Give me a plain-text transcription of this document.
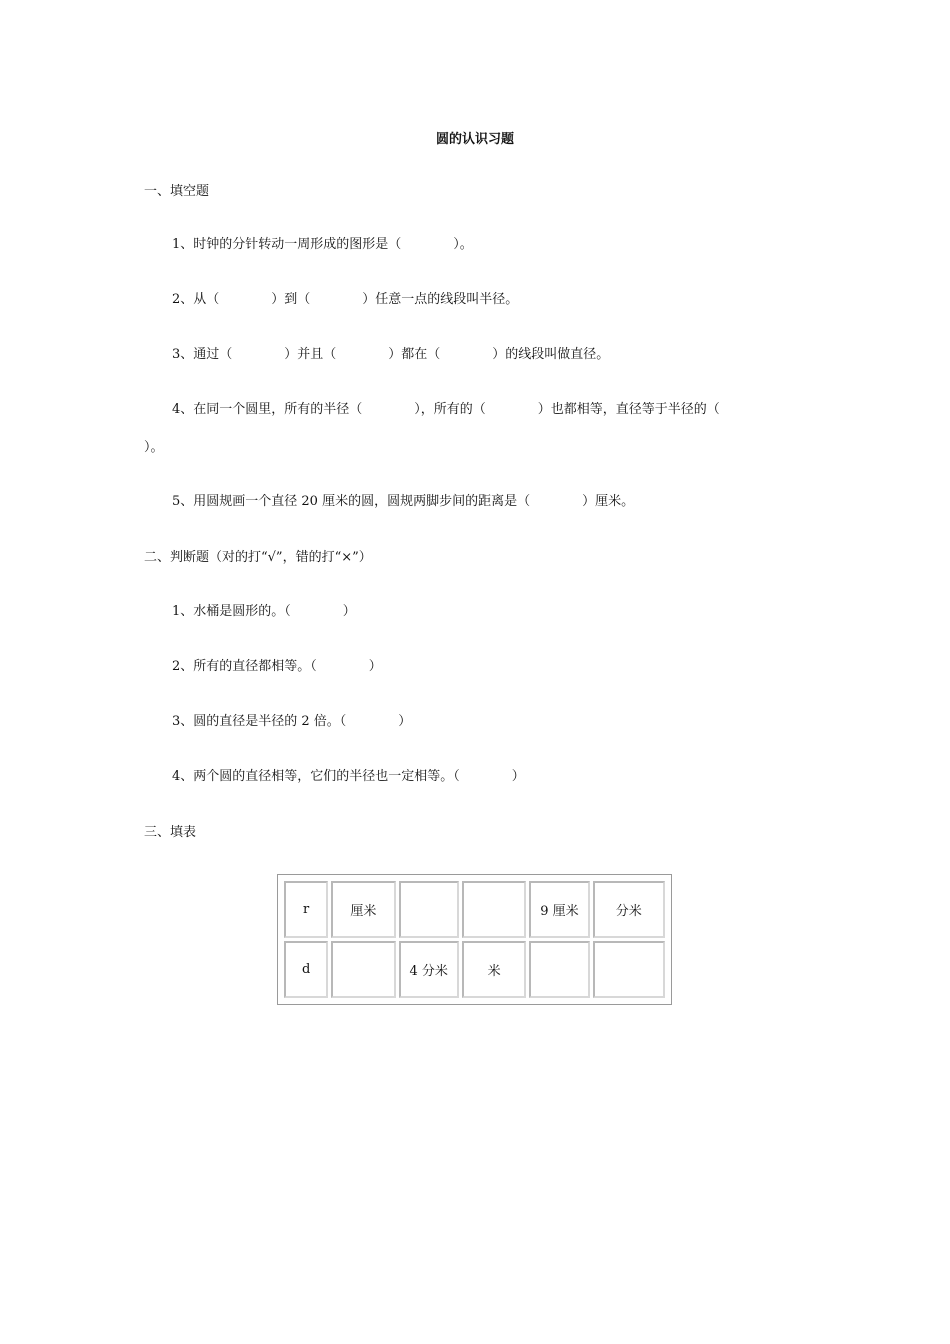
圆的认识习题
一、填空题
1、时钟的分针转动一周形成的图形是（　　　　）。
2、从（　　　　）到（　　　　）任意一点的线段叫半径。
3、通过（　　　　）并且（　　　　）都在（　　　　）的线段叫做直径。
4、在同一个圆里，所有的半径（　　　　），所有的（　　　　）也都相等，直径等于半径的（
）。
5、用圆规画一个直径 20 厘米的圆，圆规两脚步间的距离是（　　　　）厘米。
二、判断题（对的打“√”，错的打“×”）
1、水桶是圆形的。（　　　　）
2、所有的直径都相等。（　　　　）
3、圆的直径是半径的 2 倍。（　　　　）
4、两个圆的直径相等，它们的半径也一定相等。（　　　　）
三、填表
r	厘米			9 厘米	分米
d		4 分米	米		
